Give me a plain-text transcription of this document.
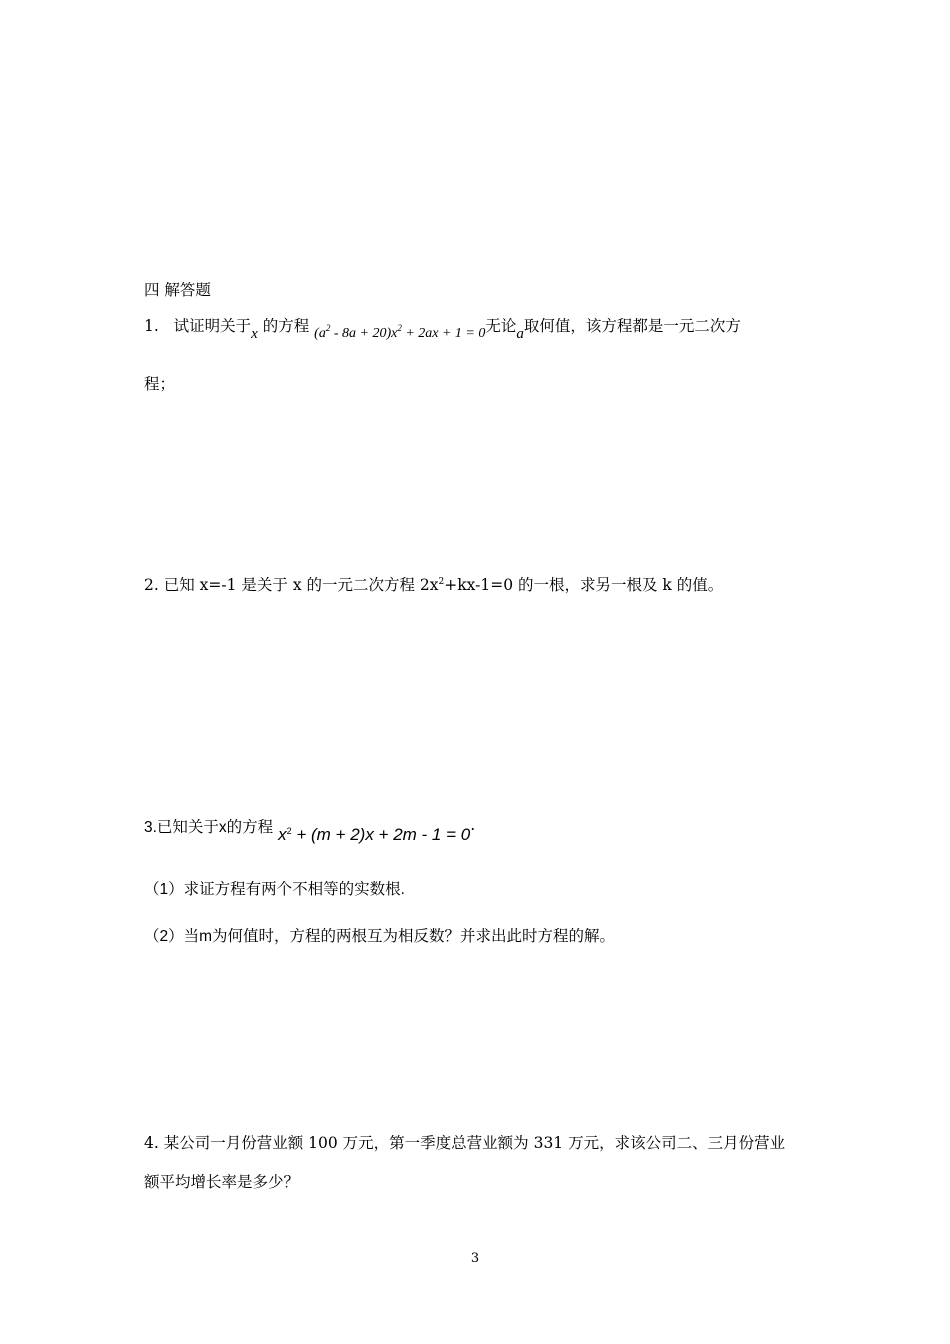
四 解答题
1. 试证明关于x 的方程 $(a^2 - 8a + 20)x^2 + 2ax + 1 = 0$无论a取何值，该方程都是一元二次方
程；
2. 已知 x=-1 是关于 x 的一元二次方程 $2x^2+kx-1=0$ 的一根，求另一根及 k 的值。
3.已知关于x的方程 $x^2 + (m + 2)x + 2m - 1 = 0$.
（1）求证方程有两个不相等的实数根.
（2）当m为何值时，方程的两根互为相反数？并求出此时方程的解。
4. 某公司一月份营业额 100 万元，第一季度总营业额为 331 万元，求该公司二、三月份营业
额平均增长率是多少？
3
